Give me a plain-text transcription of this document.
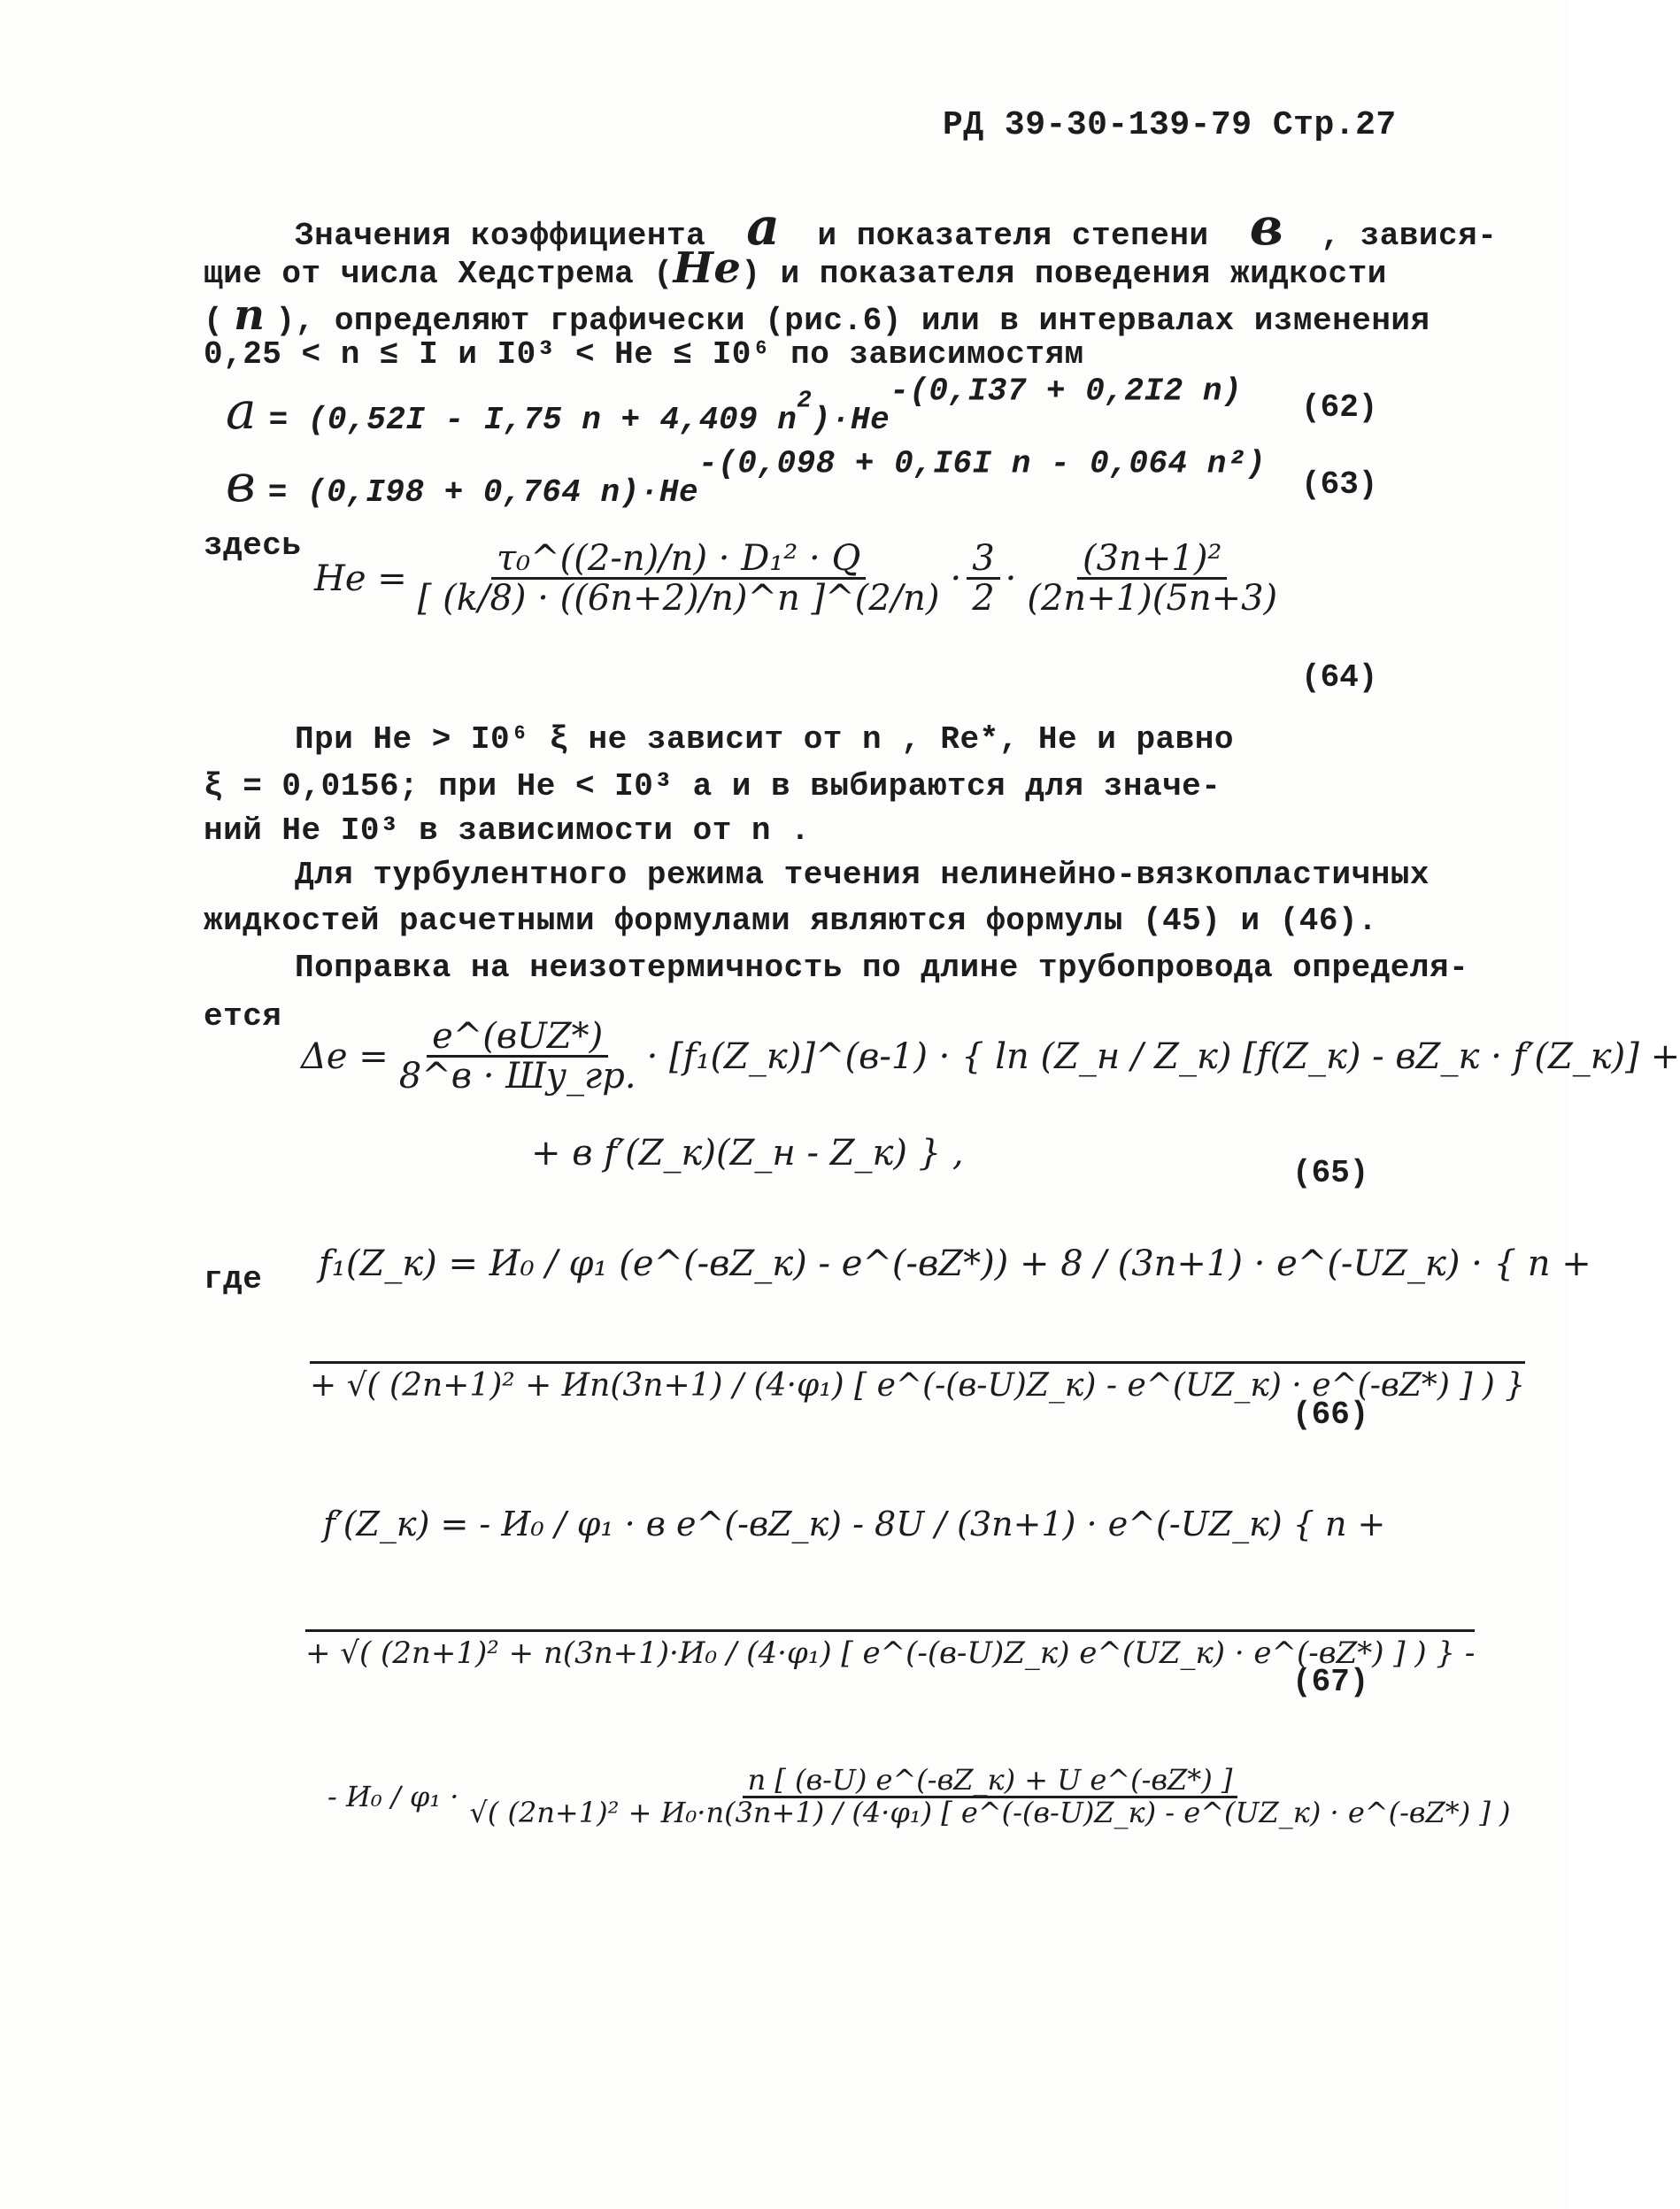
РД 39-30-139-79 Стр.27
Значения коэффициента a и показателя степени в , завися-
щие от числа Хедстрема (He) и показателя поведения жидкости
( n ), определяют графически (рис.6) или в интервалах изменения
0,25 < n ≤ I и I0³ < He ≤ I0⁶ по зависимостям
a = (0,52I - I,75 n + 4,409 $n^2)\cdot He^{-(0,I37 + 0,2I2 n)}$ (62)
в = (0,I98 + 0,764 $n)\cdot He^{-(0,098 + 0,I6I n - 0,064 n^2)}$
(63)
здесь
$He = \frac{\text{τ₀\textasciicircum{}((2-n)/n) · D₁² · Q}}{[ (k/8) \cdot ((6n+2)/n)\^{}n ]\^{}(2/n)} \cdot \frac{3}{2} \cdot \frac{\text{(3n+1)²}}{(2n+1)(5n+3)}$
(64)
При He > I0⁶ ξ не зависит от n , Re*, He и равно
ξ = 0,0156; при He < I0³ a и в выбираются для значе-
ний He I0³ в зависимости от n .
Для турбулентного режима течения нелинейно-вязкопластичных
жидкостей расчетными формулами являются формулы (45) и (46).
Поправка на неизотермичность по длине трубопровода определя-
ется
$\Delta e = \frac{\text{e\textasciicircum{}(вUZ*)}}{8\^{}в \cdot Шу\_гр.}$ · [f₁(Z_к)]^(в-1) · { ln (Z_н / Z_к) [f(Z_к) - вZ_к · f′(Z_к)] +
+ в f′(Z_к)(Z_н - Z_к) } ,	(65)
где f₁(Z_к) = И₀ / φ₁ (e^(-вZ_к) - e^(-вZ*)) + 8 / (3n+1) · e^(-UZ_к) · { n +
+ √( (2n+1)² + Иn(3n+1) / (4·φ₁) [ e^(-(в-U)Z_к) - e^(UZ_к) · e^(-вZ*) ] ) }
(66)
f′(Z_к) = - И₀ / φ₁ · в e^(-вZ_к) - 8U / (3n+1) · e^(-UZ_к) { n +
+ √( (2n+1)² + n(3n+1)·И₀ / (4·φ₁) [ e^(-(в-U)Z_к) e^(UZ_к) · e^(-вZ*) ] ) } -
(67)
- И₀ / φ₁ ·
n [ (в-U) e^(-вZ_к) + U e^(-вZ*) ]
√( (2n+1)² + И₀·n(3n+1) / (4·φ₁) [ e^(-(в-U)Z_к) - e^(UZ_к) · e^(-вZ*) ] )
